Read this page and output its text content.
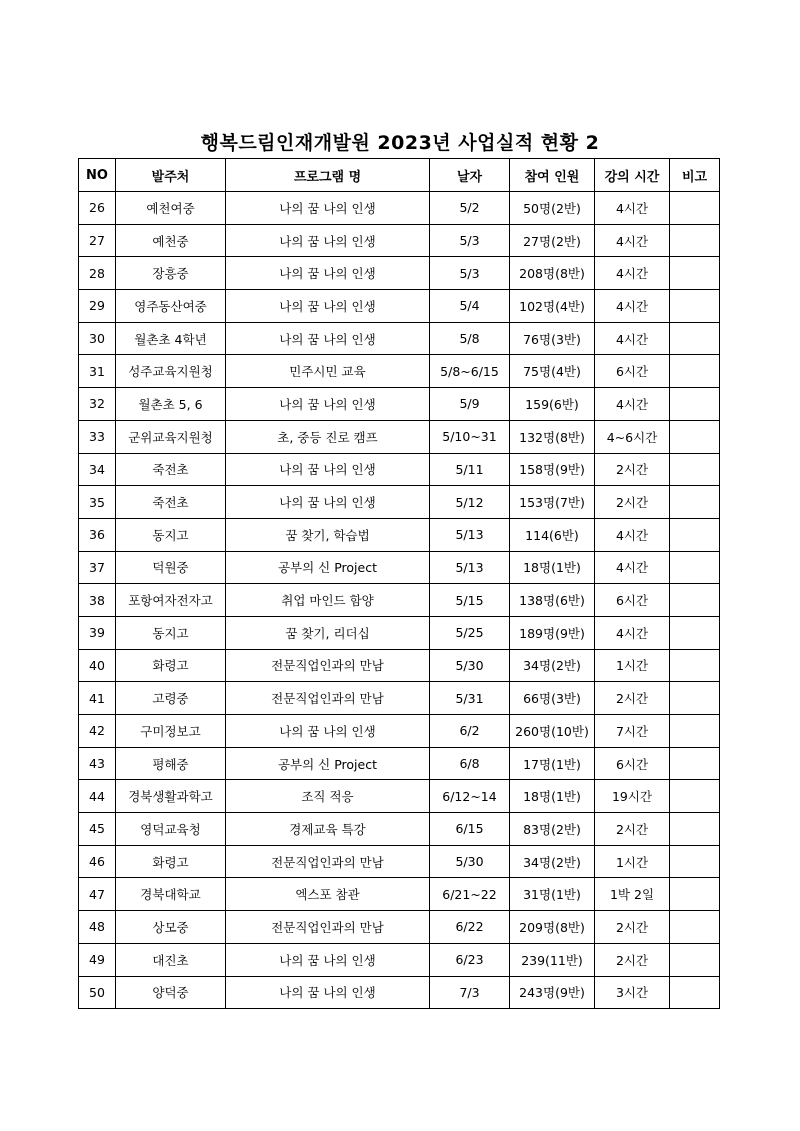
행복드림인재개발원 2023년 사업실적 현황 2
NO	발주처	프로그램 명	날자	참여 인원	강의 시간	비고
26	예천여중	나의 꿈 나의 인생	5/2	50명(2반)	4시간	
27	예천중	나의 꿈 나의 인생	5/3	27명(2반)	4시간	
28	장흥중	나의 꿈 나의 인생	5/3	208명(8반)	4시간	
29	영주동산여중	나의 꿈 나의 인생	5/4	102명(4반)	4시간	
30	월촌초 4학년	나의 꿈 나의 인생	5/8	76명(3반)	4시간	
31	성주교육지원청	민주시민 교육	5/8~6/15	75명(4반)	6시간	
32	월촌초 5, 6	나의 꿈 나의 인생	5/9	159(6반)	4시간	
33	군위교육지원청	초, 중등 진로 캠프	5/10~31	132명(8반)	4~6시간	
34	죽전초	나의 꿈 나의 인생	5/11	158명(9반)	2시간	
35	죽전초	나의 꿈 나의 인생	5/12	153명(7반)	2시간	
36	동지고	꿈 찾기, 학습법	5/13	114(6반)	4시간	
37	덕원중	공부의 신 Project	5/13	18명(1반)	4시간	
38	포항여자전자고	취업 마인드 함양	5/15	138명(6반)	6시간	
39	동지고	꿈 찾기, 리더십	5/25	189명(9반)	4시간	
40	화령고	전문직업인과의 만남	5/30	34명(2반)	1시간	
41	고령중	전문직업인과의 만남	5/31	66명(3반)	2시간	
42	구미정보고	나의 꿈 나의 인생	6/2	260명(10반)	7시간	
43	평해중	공부의 신 Project	6/8	17명(1반)	6시간	
44	경북생활과학고	조직 적응	6/12~14	18명(1반)	19시간	
45	영덕교육청	경제교육 특강	6/15	83명(2반)	2시간	
46	화령고	전문직업인과의 만남	5/30	34명(2반)	1시간	
47	경북대학교	엑스포 참관	6/21~22	31명(1반)	1박 2일	
48	상모중	전문직업인과의 만남	6/22	209명(8반)	2시간	
49	대진초	나의 꿈 나의 인생	6/23	239(11반)	2시간	
50	양덕중	나의 꿈 나의 인생	7/3	243명(9반)	3시간	
